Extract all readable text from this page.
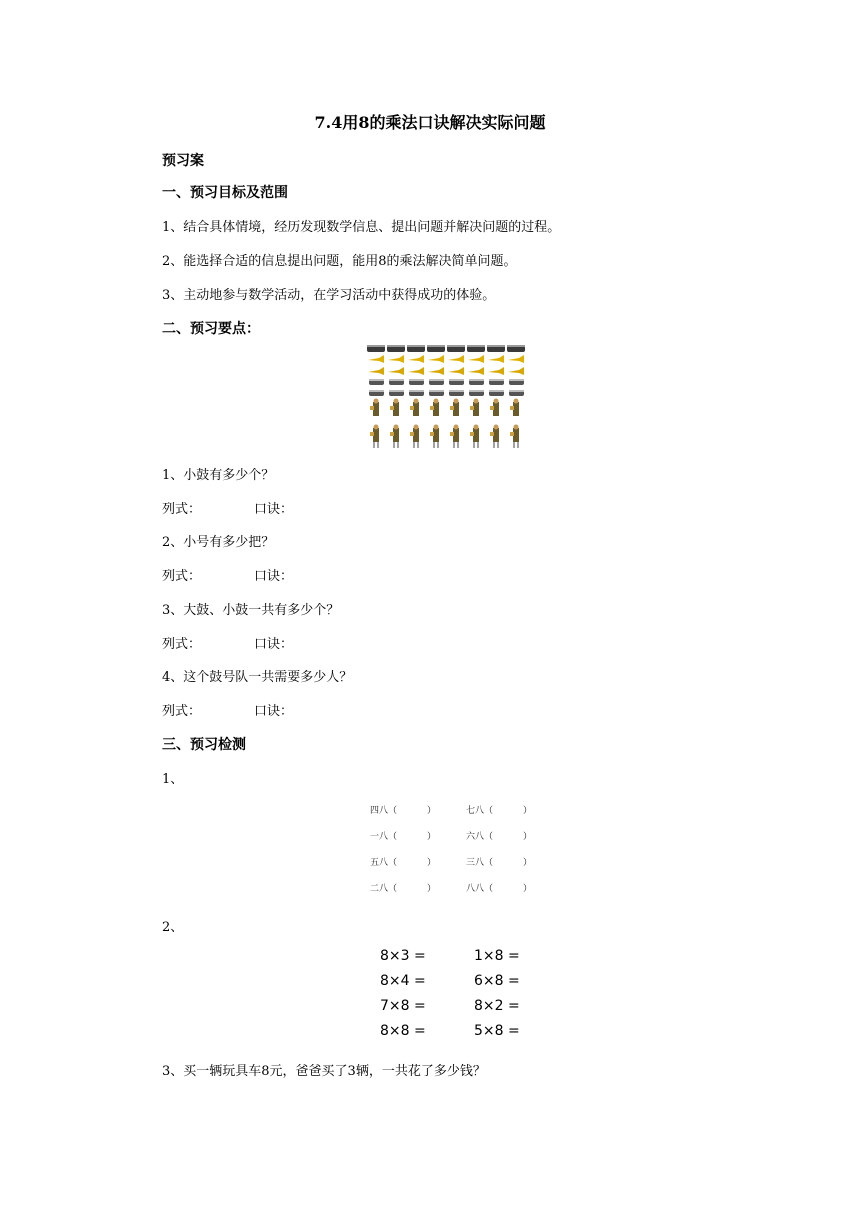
7.4用8的乘法口诀解决实际问题
预习案
一、预习目标及范围
1、结合具体情境，经历发现数学信息、提出问题并解决问题的过程。
2、能选择合适的信息提出问题，能用8的乘法解决简单问题。
3、主动地参与数学活动，在学习活动中获得成功的体验。
二、预习要点：
1、小鼓有多少个？
列式：	口诀：
2、小号有多少把？
列式：	口诀：
3、大鼓、小鼓一共有多少个？
列式：	口诀：
4、这个鼓号队一共需要多少人？
列式：	口诀：
三、预习检测
1、
四八（	）	七八（	）
一八（	）	六八（	）
五八（	）	三八（	）
二八（	）	八八（	）
2、
8×3 =	1×8 =
8×4 =	6×8 =
7×8 =	8×2 =
8×8 =	5×8 =
3、买一辆玩具车8元，爸爸买了3辆，一共花了多少钱？
